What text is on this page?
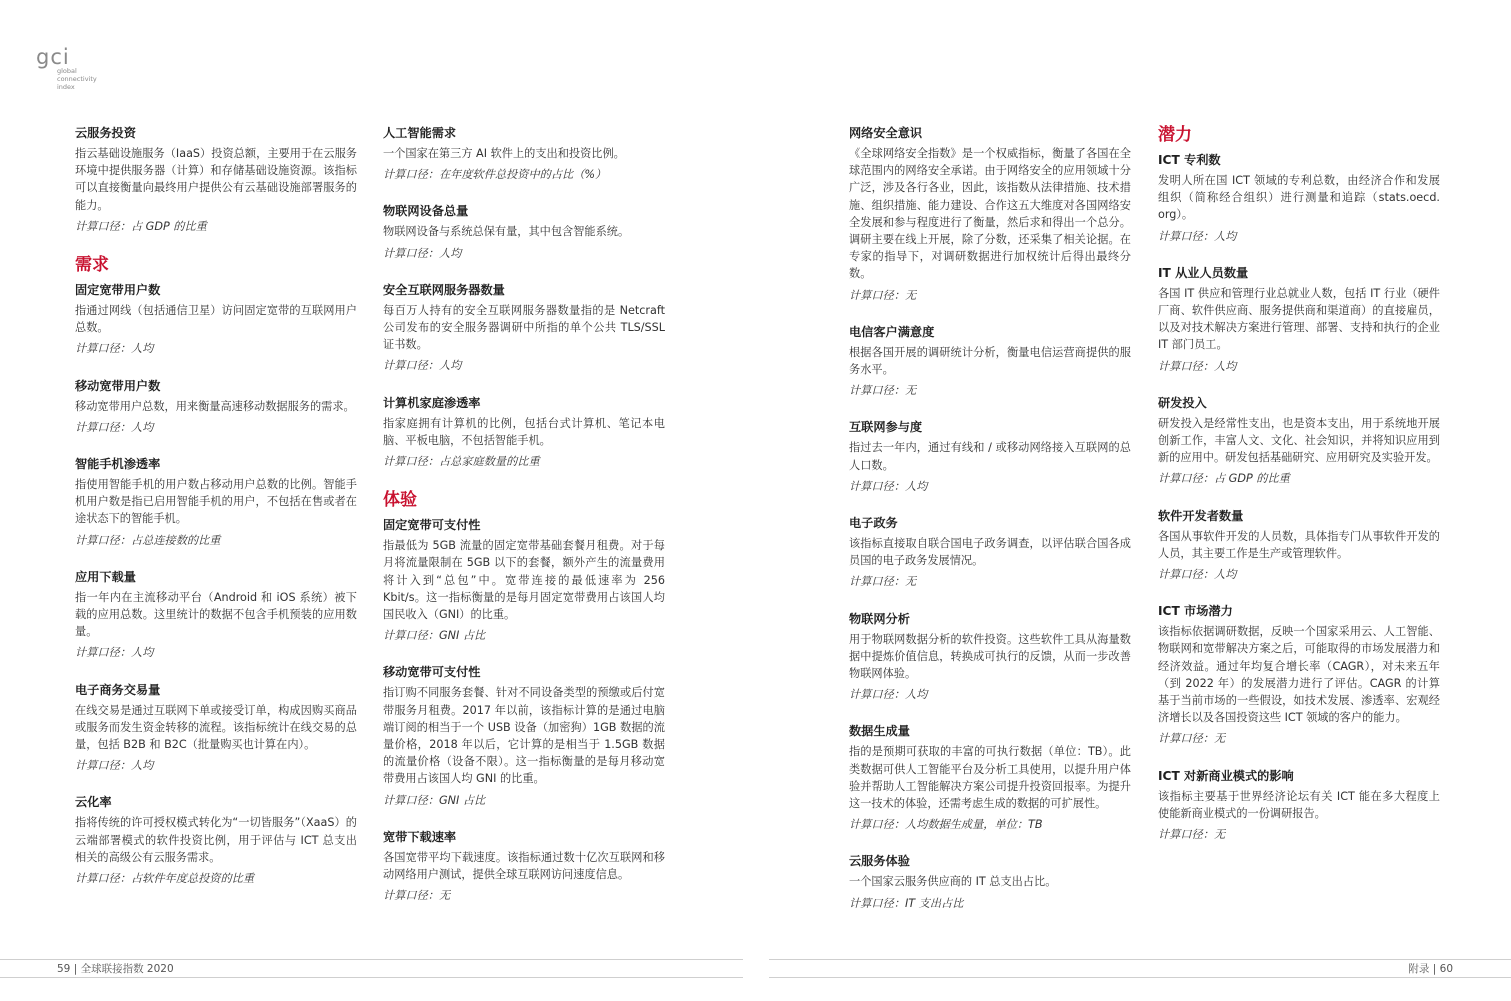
gci
global
connectivity
index
云服务投资
指云基础设施服务（IaaS）投资总额，主要用于在云服务环境中提供服务器（计算）和存储基础设施资源。该指标可以直接衡量向最终用户提供公有云基础设施部署服务的能力。
计算口径：占 GDP 的比重
需求
固定宽带用户数
指通过网线（包括通信卫星）访问固定宽带的互联网用户总数。
计算口径：人均
移动宽带用户数
移动宽带用户总数，用来衡量高速移动数据服务的需求。
计算口径：人均
智能手机渗透率
指使用智能手机的用户数占移动用户总数的比例。智能手机用户数是指已启用智能手机的用户，不包括在售或者在途状态下的智能手机。
计算口径：占总连接数的比重
应用下载量
指一年内在主流移动平台（Android 和 iOS 系统）被下载的应用总数。这里统计的数据不包含手机预装的应用数量。
计算口径：人均
电子商务交易量
在线交易是通过互联网下单或接受订单，构成因购买商品或服务而发生资金转移的流程。该指标统计在线交易的总量，包括 B2B 和 B2C（批量购买也计算在内）。
计算口径：人均
云化率
指将传统的许可授权模式转化为“一切皆服务”（XaaS）的云端部署模式的软件投资比例，用于评估与 ICT 总支出相关的高级公有云服务需求。
计算口径：占软件年度总投资的比重
人工智能需求
一个国家在第三方 AI 软件上的支出和投资比例。
计算口径：在年度软件总投资中的占比（%）
物联网设备总量
物联网设备与系统总保有量，其中包含智能系统。
计算口径：人均
安全互联网服务器数量
每百万人持有的安全互联网服务器数量指的是 Netcraft 公司发布的安全服务器调研中所指的单个公共 TLS/SSL 证书数。
计算口径：人均
计算机家庭渗透率
指家庭拥有计算机的比例，包括台式计算机、笔记本电脑、平板电脑，不包括智能手机。
计算口径：占总家庭数量的比重
体验
固定宽带可支付性
指最低为 5GB 流量的固定宽带基础套餐月租费。对于每月将流量限制在 5GB 以下的套餐，额外产生的流量费用将计入到“总包”中。宽带连接的最低速率为 256 Kbit/s。这一指标衡量的是每月固定宽带费用占该国人均国民收入（GNI）的比重。
计算口径：GNI 占比
移动宽带可支付性
指订购不同服务套餐、针对不同设备类型的预缴或后付宽带服务月租费。2017 年以前，该指标计算的是通过电脑端订阅的相当于一个 USB 设备（加密狗）1GB 数据的流量价格，2018 年以后，它计算的是相当于 1.5GB 数据的流量价格（设备不限）。这一指标衡量的是每月移动宽带费用占该国人均 GNI 的比重。
计算口径：GNI 占比
宽带下载速率
各国宽带平均下载速度。该指标通过数十亿次互联网和移动网络用户测试，提供全球互联网访问速度信息。
计算口径：无
网络安全意识
《全球网络安全指数》是一个权威指标，衡量了各国在全球范围内的网络安全承诺。由于网络安全的应用领域十分广泛，涉及各行各业，因此，该指数从法律措施、技术措施、组织措施、能力建设、合作这五大维度对各国网络安全发展和参与程度进行了衡量，然后求和得出一个总分。调研主要在线上开展，除了分数，还采集了相关论据。在专家的指导下，对调研数据进行加权统计后得出最终分数。
计算口径：无
电信客户满意度
根据各国开展的调研统计分析，衡量电信运营商提供的服务水平。
计算口径：无
互联网参与度
指过去一年内，通过有线和 / 或移动网络接入互联网的总人口数。
计算口径：人均
电子政务
该指标直接取自联合国电子政务调查，以评估联合国各成员国的电子政务发展情况。
计算口径：无
物联网分析
用于物联网数据分析的软件投资。这些软件工具从海量数据中提炼价值信息，转换成可执行的反馈，从而一步改善物联网体验。
计算口径：人均
数据生成量
指的是预期可获取的丰富的可执行数据（单位：TB）。此类数据可供人工智能平台及分析工具使用，以提升用户体验并帮助人工智能解决方案公司提升投资回报率。为提升这一技术的体验，还需考虑生成的数据的可扩展性。
计算口径：人均数据生成量，单位：TB
云服务体验
一个国家云服务供应商的 IT 总支出占比。
计算口径：IT 支出占比
潜力
ICT 专利数
发明人所在国 ICT 领域的专利总数，由经济合作和发展组织（简称经合组织）进行测量和追踪（stats.oecd. org）。
计算口径：人均
IT 从业人员数量
各国 IT 供应和管理行业总就业人数，包括 IT 行业（硬件厂商、软件供应商、服务提供商和渠道商）的直接雇员，以及对技术解决方案进行管理、部署、支持和执行的企业 IT 部门员工。
计算口径：人均
研发投入
研发投入是经常性支出，也是资本支出，用于系统地开展创新工作，丰富人文、文化、社会知识，并将知识应用到新的应用中。研发包括基础研究、应用研究及实验开发。
计算口径：占 GDP 的比重
软件开发者数量
各国从事软件开发的人员数，具体指专门从事软件开发的人员，其主要工作是生产或管理软件。
计算口径：人均
ICT 市场潜力
该指标依据调研数据，反映一个国家采用云、人工智能、物联网和宽带解决方案之后，可能取得的市场发展潜力和经济效益。通过年均复合增长率（CAGR），对未来五年（到 2022 年）的发展潜力进行了评估。CAGR 的计算基于当前市场的一些假设，如技术发展、渗透率、宏观经济增长以及各国投资这些 ICT 领域的客户的能力。
计算口径：无
ICT 对新商业模式的影响
该指标主要基于世界经济论坛有关 ICT 能在多大程度上使能新商业模式的一份调研报告。
计算口径：无
59 | 全球联接指数 2020	附录 | 60
